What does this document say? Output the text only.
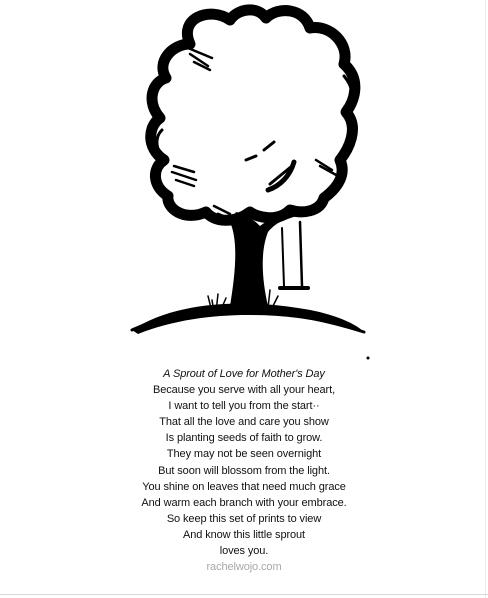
A Sprout of Love for Mother's Day
Because you serve with all your heart,
I want to tell you from the start··
That all the love and care you show
Is planting seeds of faith to grow.
They may not be seen overnight
But soon will blossom from the light.
You shine on leaves that need much grace
And warm each branch with your embrace.
So keep this set of prints to view
And know this little sprout
loves you.
rachelwojo.com
